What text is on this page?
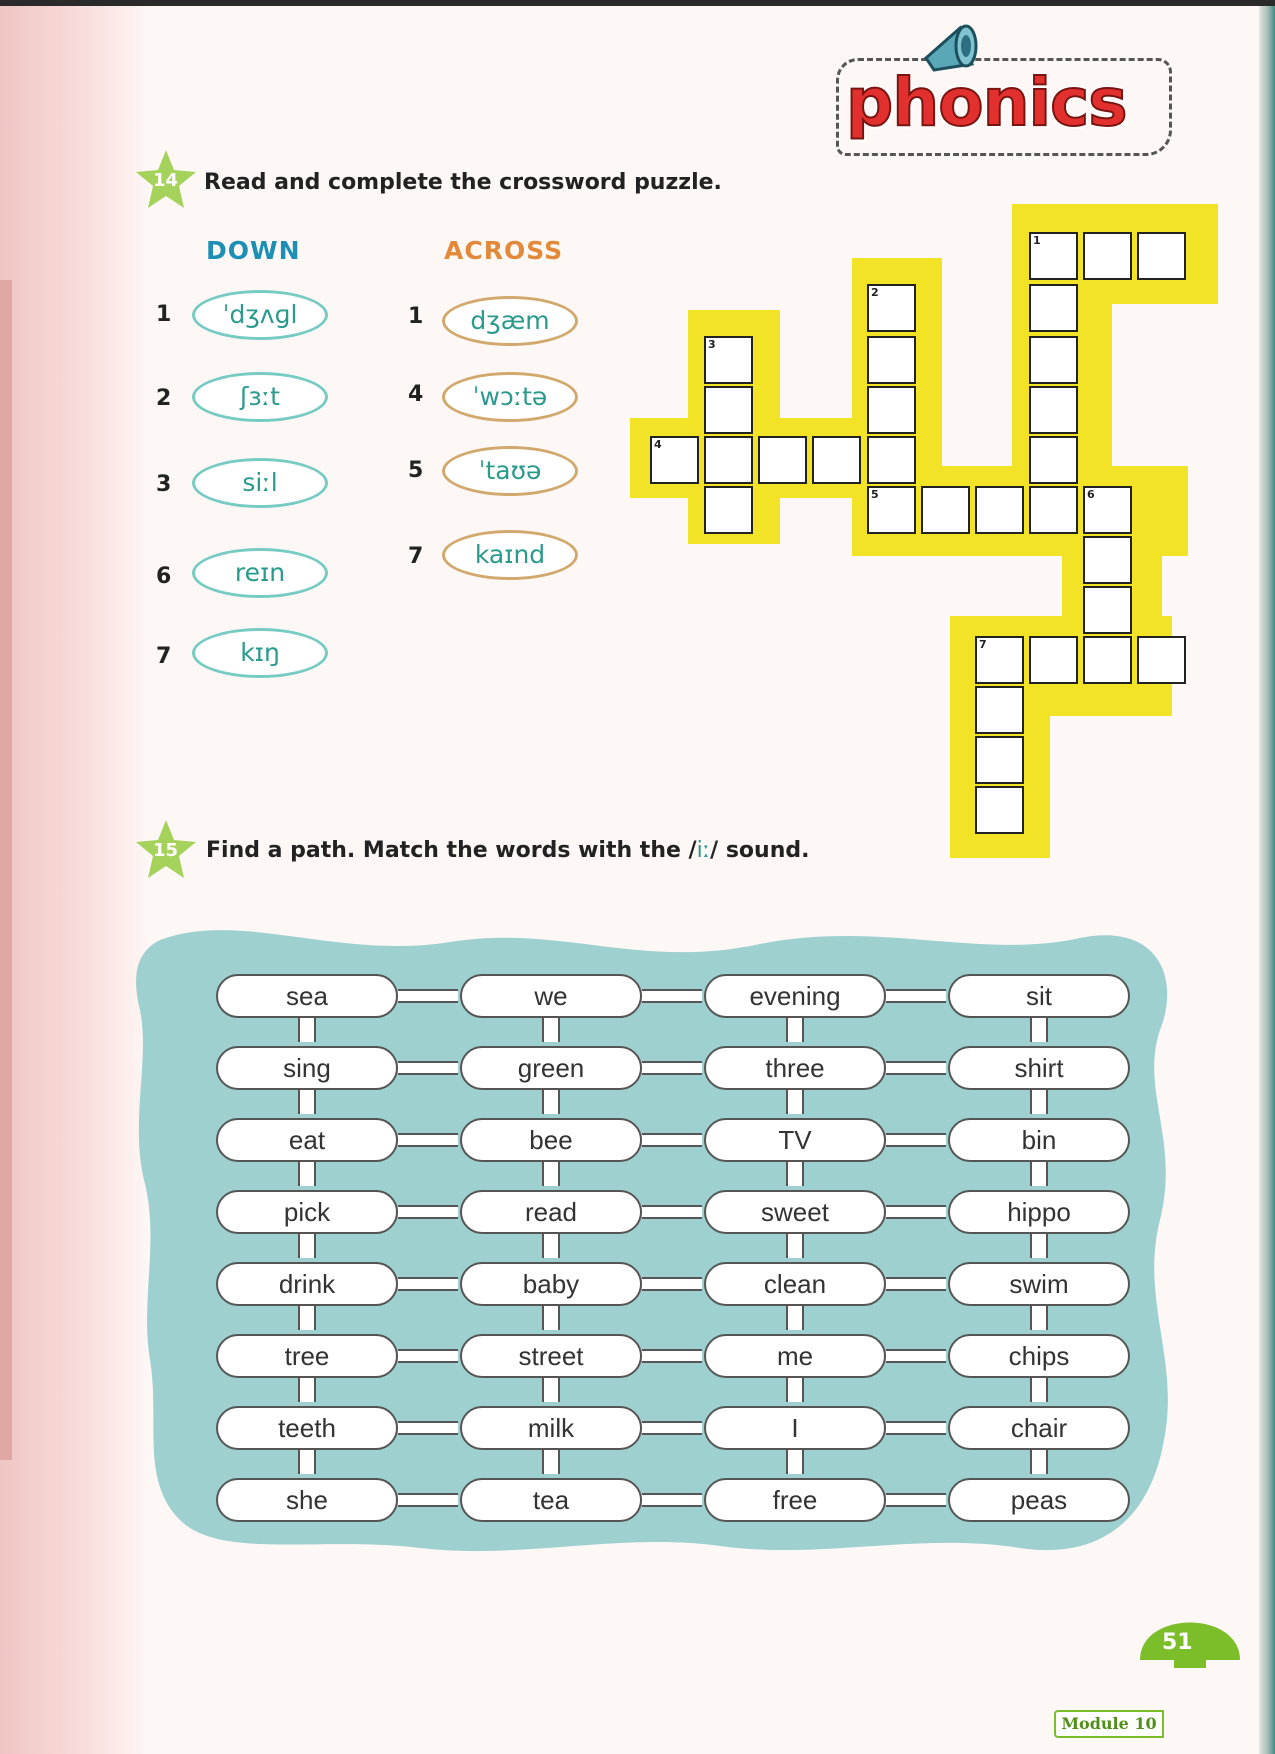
phonics
14 Read and complete the crossword puzzle.
DOWN	ACROSS
1	ˈdʒʌɡl
2	ʃɜːt
3	siːl
6	reɪn
7	kɪŋ
1	dʒæm
4	ˈwɔːtə
5	ˈtaʊə
7	kaɪnd
1
2
3
4
5	6
7
15 Find a path. Match the words with the /iː/ sound.
sea	we	evening	sit
sing	green	three	shirt
eat	bee	TV	bin
pick	read	sweet	hippo
drink	baby	clean	swim
tree	street	me	chips
teeth	milk	I	chair
she	tea	free	peas
51
Module 10
